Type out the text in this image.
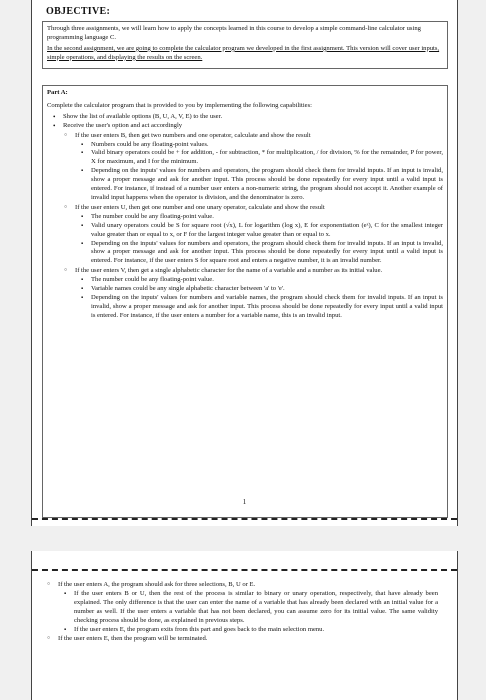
OBJECTIVE:

Through three assignments, we will learn how to apply the concepts learned in this course to develop a simple command-line calculator using programming language C.

In the second assignment, we are going to complete the calculator program we developed in the first assignment. This version will cover user inputs, simple operations, and displaying the results on the screen.

Part A:

Complete the calculator program that is provided to you by implementing the following capabilities:

• Show the list of available options (B, U, A, V, E) to the user.
• Receive the user's option and act accordingly
○ If the user enters B, then get two numbers and one operator, calculate and show the result
▪ Numbers could be any floating-point values.
▪ Valid binary operators could be + for addition, - for subtraction, * for multiplication, / for division, % for the remainder, P for power, X for maximum, and I for the minimum.
▪ Depending on the inputs' values for numbers and operators, the program should check them for invalid inputs. If an input is invalid, show a proper message and ask for another input. This process should be done repeatedly for every input until a valid input is entered. For instance, if instead of a number user enters a non-numeric string, the program should not accept it. Another example of invalid input happens when the operator is division, and the denominator is zero.
○ If the user enters U, then get one number and one unary operator, calculate and show the result
▪ The number could be any floating-point value.
▪ Valid unary operators could be S for square root (√x), L for logarithm (log x), E for exponentiation (eˣ), C for the smallest integer value greater than or equal to x, or F for the largest integer value greater than or equal to x.
▪ Depending on the inputs' values for numbers and operators, the program should check them for invalid inputs. If an input is invalid, show a proper message and ask for another input. This process should be done repeatedly for every input until a valid input is entered. For instance, if the user enters S for square root and enters a negative number, it is an invalid number.
○ If the user enters V, then get a single alphabetic character for the name of a variable and a number as its initial value.
▪ The number could be any floating-point value.
▪ Variable names could be any single alphabetic character between 'a' to 'e'.
▪ Depending on the inputs' values for numbers and variable names, the program should check them for invalid inputs. If an input is invalid, show a proper message and ask for another input. This process should be done repeatedly for every input until a valid input is entered. For instance, if the user enters a number for a variable name, this is an invalid input.
1
○ If the user enters A, the program should ask for three selections, B, U or E.
▪ If the user enters B or U, then the rest of the process is similar to binary or unary operation, respectively, that have already been explained. The only difference is that the user can enter the name of a variable that has already been declared with an initial value for a number as well. If the user enters a variable that has not been declared, you can assume zero for its initial value. The same validity checking process should be done, as explained in previous steps.
▪ If the user enters E, the program exits from this part and goes back to the main selection menu.
○ If the user enters E, then the program will be terminated.
